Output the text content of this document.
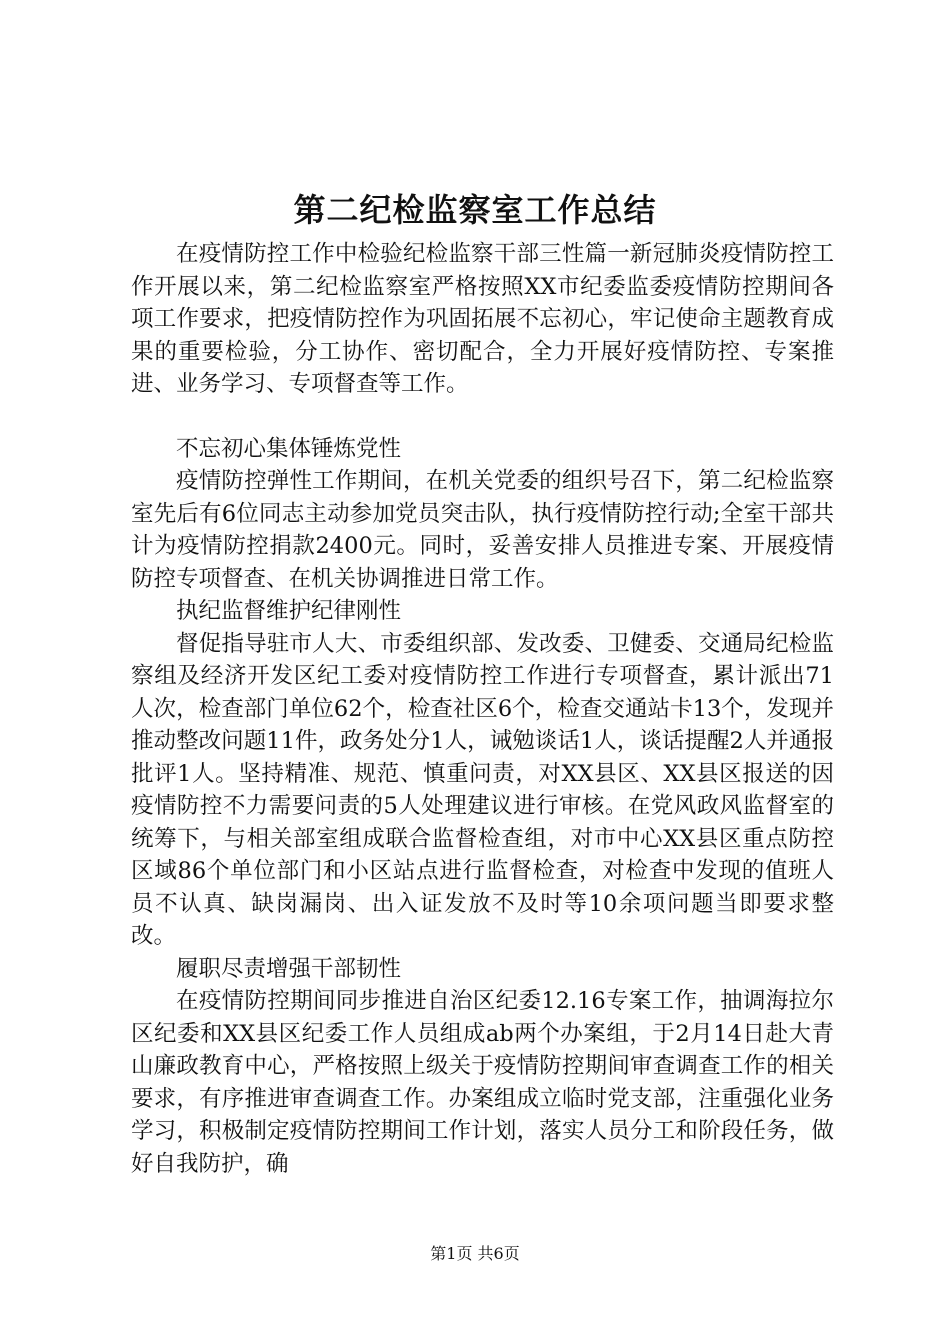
第二纪检监察室工作总结

在疫情防控工作中检验纪检监察干部三性篇一新冠肺炎疫情防控工作开展以来，第二纪检监察室严格按照XX市纪委监委疫情防控期间各项工作要求，把疫情防控作为巩固拓展不忘初心，牢记使命主题教育成果的重要检验，分工协作、密切配合，全力开展好疫情防控、专案推进、业务学习、专项督查等工作。

不忘初心集体锤炼党性

疫情防控弹性工作期间，在机关党委的组织号召下，第二纪检监察室先后有6位同志主动参加党员突击队，执行疫情防控行动;全室干部共计为疫情防控捐款2400元。同时，妥善安排人员推进专案、开展疫情防控专项督查、在机关协调推进日常工作。

执纪监督维护纪律刚性

督促指导驻市人大、市委组织部、发改委、卫健委、交通局纪检监察组及经济开发区纪工委对疫情防控工作进行专项督查，累计派出71人次，检查部门单位62个，检查社区6个，检查交通站卡13个，发现并推动整改问题11件，政务处分1人，诫勉谈话1人，谈话提醒2人并通报批评1人。坚持精准、规范、慎重问责，对XX县区、XX县区报送的因疫情防控不力需要问责的5人处理建议进行审核。在党风政风监督室的统筹下，与相关部室组成联合监督检查组，对市中心XX县区重点防控区域86个单位部门和小区站点进行监督检查，对检查中发现的值班人员不认真、缺岗漏岗、出入证发放不及时等10余项问题当即要求整改。

履职尽责增强干部韧性

在疫情防控期间同步推进自治区纪委12.16专案工作，抽调海拉尔区纪委和XX县区纪委工作人员组成ab两个办案组，于2月14日赴大青山廉政教育中心，严格按照上级关于疫情防控期间审查调查工作的相关要求，有序推进审查调查工作。办案组成立临时党支部，注重强化业务学习，积极制定疫情防控期间工作计划，落实人员分工和阶段任务，做好自我防护，确

第1页 共6页
